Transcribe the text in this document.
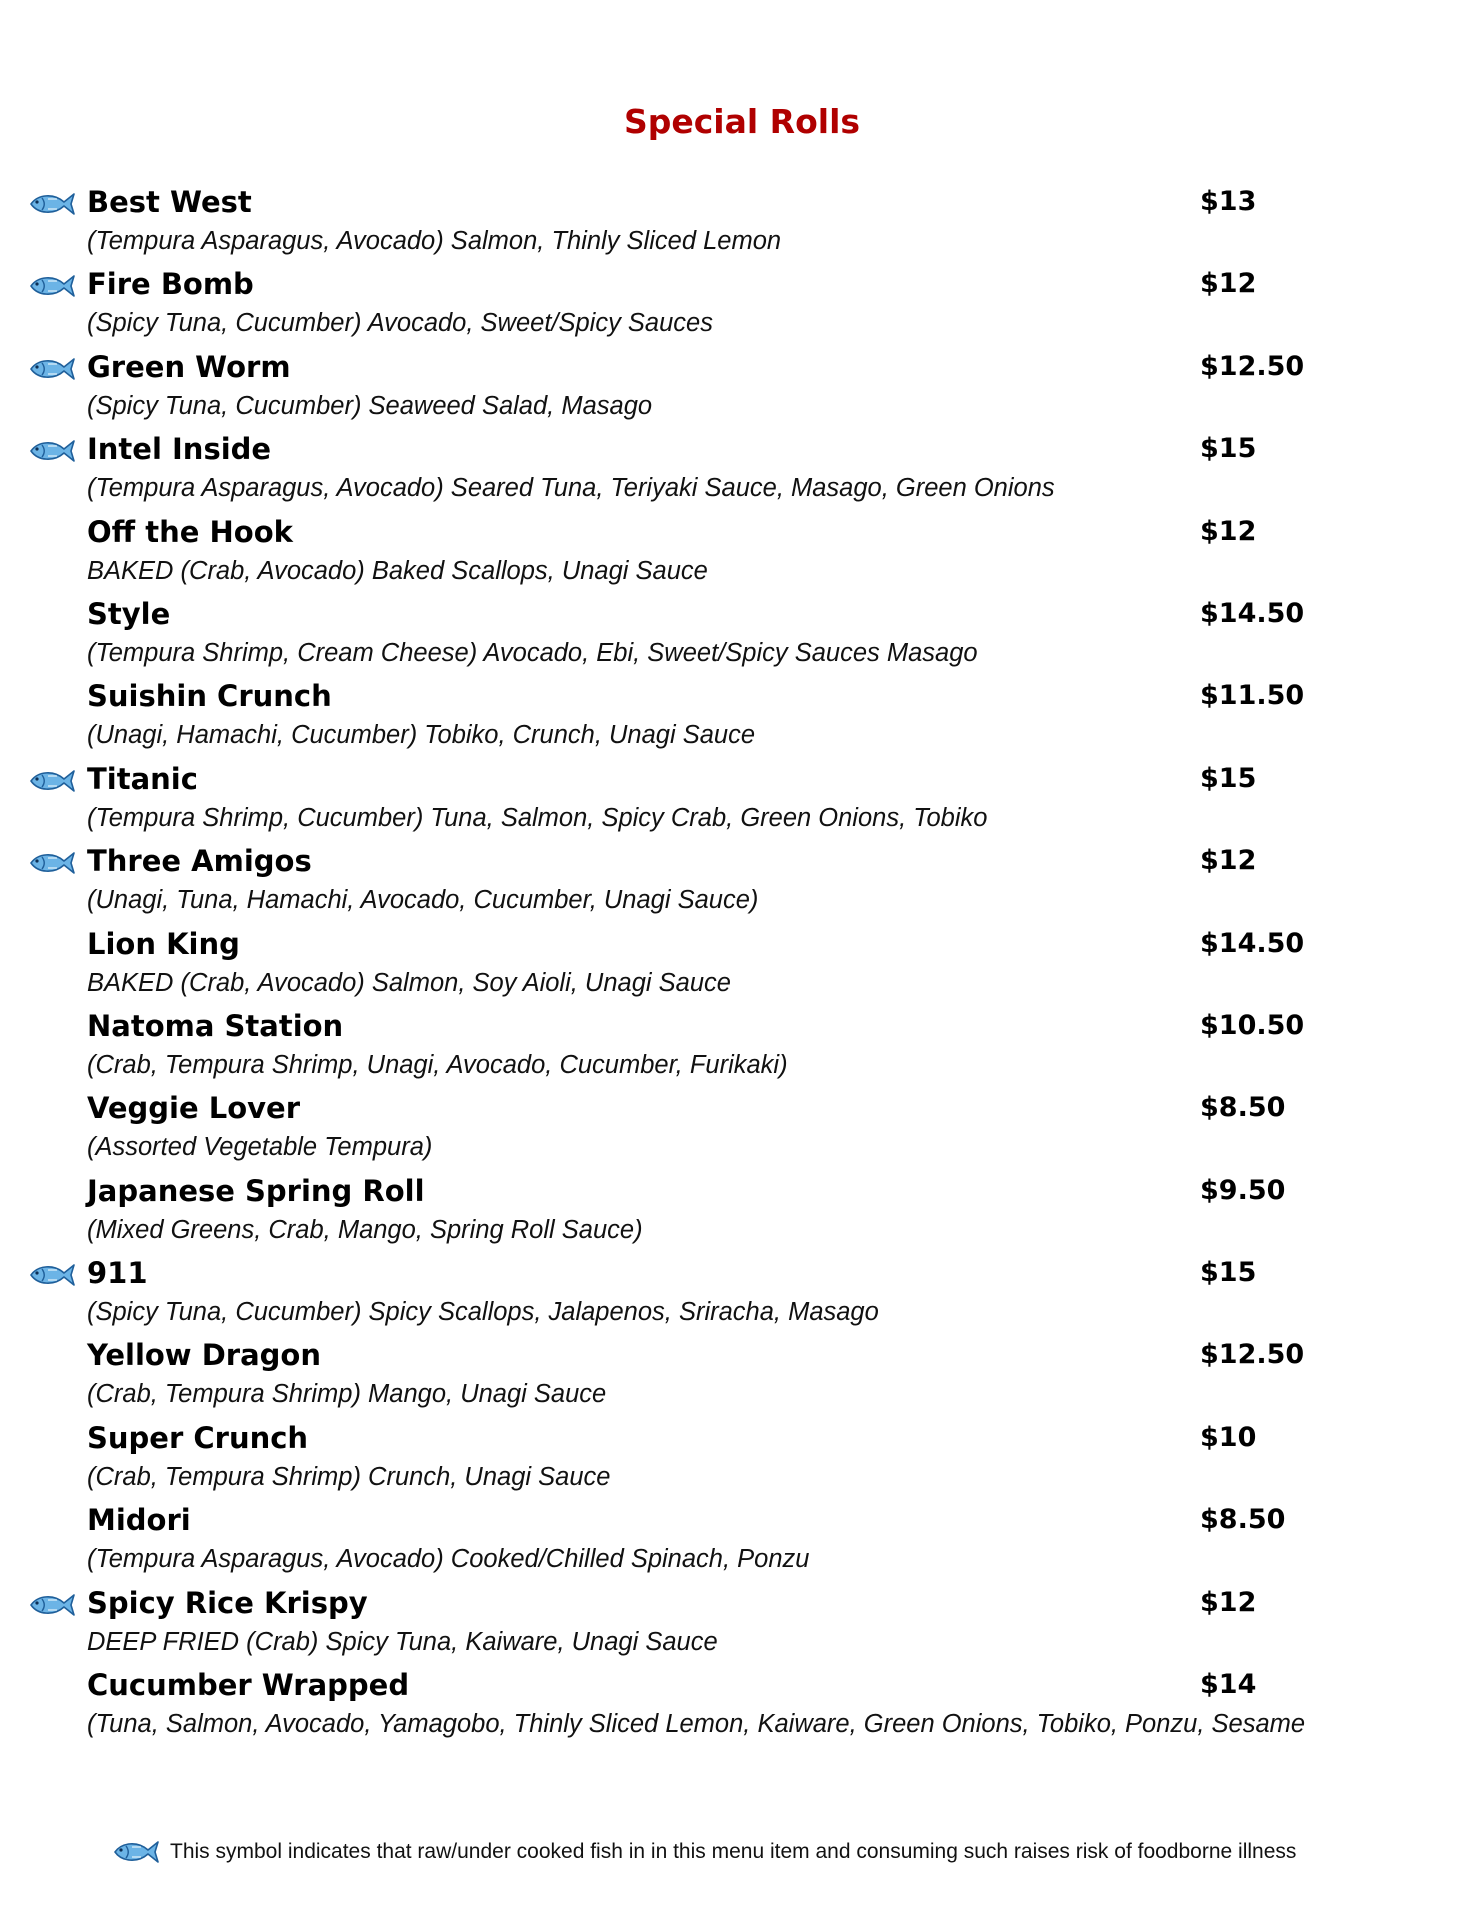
Special Rolls
Best West	$13

(Tempura Asparagus, Avocado) Salmon, Thinly Sliced Lemon

Fire Bomb	$12

(Spicy Tuna, Cucumber) Avocado, Sweet/Spicy Sauces

Green Worm	$12.50

(Spicy Tuna, Cucumber) Seaweed Salad, Masago

Intel Inside	$15

(Tempura Asparagus, Avocado) Seared Tuna, Teriyaki Sauce, Masago, Green Onions

Off the Hook	$12

BAKED (Crab, Avocado) Baked Scallops, Unagi Sauce

Style	$14.50

(Tempura Shrimp, Cream Cheese) Avocado, Ebi, Sweet/Spicy Sauces Masago

Suishin Crunch	$11.50

(Unagi, Hamachi, Cucumber) Tobiko, Crunch, Unagi Sauce

Titanic	$15

(Tempura Shrimp, Cucumber) Tuna, Salmon, Spicy Crab, Green Onions, Tobiko

Three Amigos	$12

(Unagi, Tuna, Hamachi, Avocado, Cucumber, Unagi Sauce)

Lion King	$14.50

BAKED (Crab, Avocado) Salmon, Soy Aioli, Unagi Sauce

Natoma Station	$10.50

(Crab, Tempura Shrimp, Unagi, Avocado, Cucumber, Furikaki)

Veggie Lover	$8.50

(Assorted Vegetable Tempura)

Japanese Spring Roll	$9.50

(Mixed Greens, Crab, Mango, Spring Roll Sauce)

911	$15

(Spicy Tuna, Cucumber) Spicy Scallops, Jalapenos, Sriracha, Masago

Yellow Dragon	$12.50

(Crab, Tempura Shrimp) Mango, Unagi Sauce

Super Crunch	$10

(Crab, Tempura Shrimp) Crunch, Unagi Sauce

Midori	$8.50

(Tempura Asparagus, Avocado) Cooked/Chilled Spinach, Ponzu

Spicy Rice Krispy	$12

DEEP FRIED (Crab) Spicy Tuna, Kaiware, Unagi Sauce

Cucumber Wrapped	$14

(Tuna, Salmon, Avocado, Yamagobo, Thinly Sliced Lemon, Kaiware, Green Onions, Tobiko, Ponzu, Sesame

This symbol indicates that raw/under cooked fish in in this menu item and consuming such raises risk of foodborne illness
